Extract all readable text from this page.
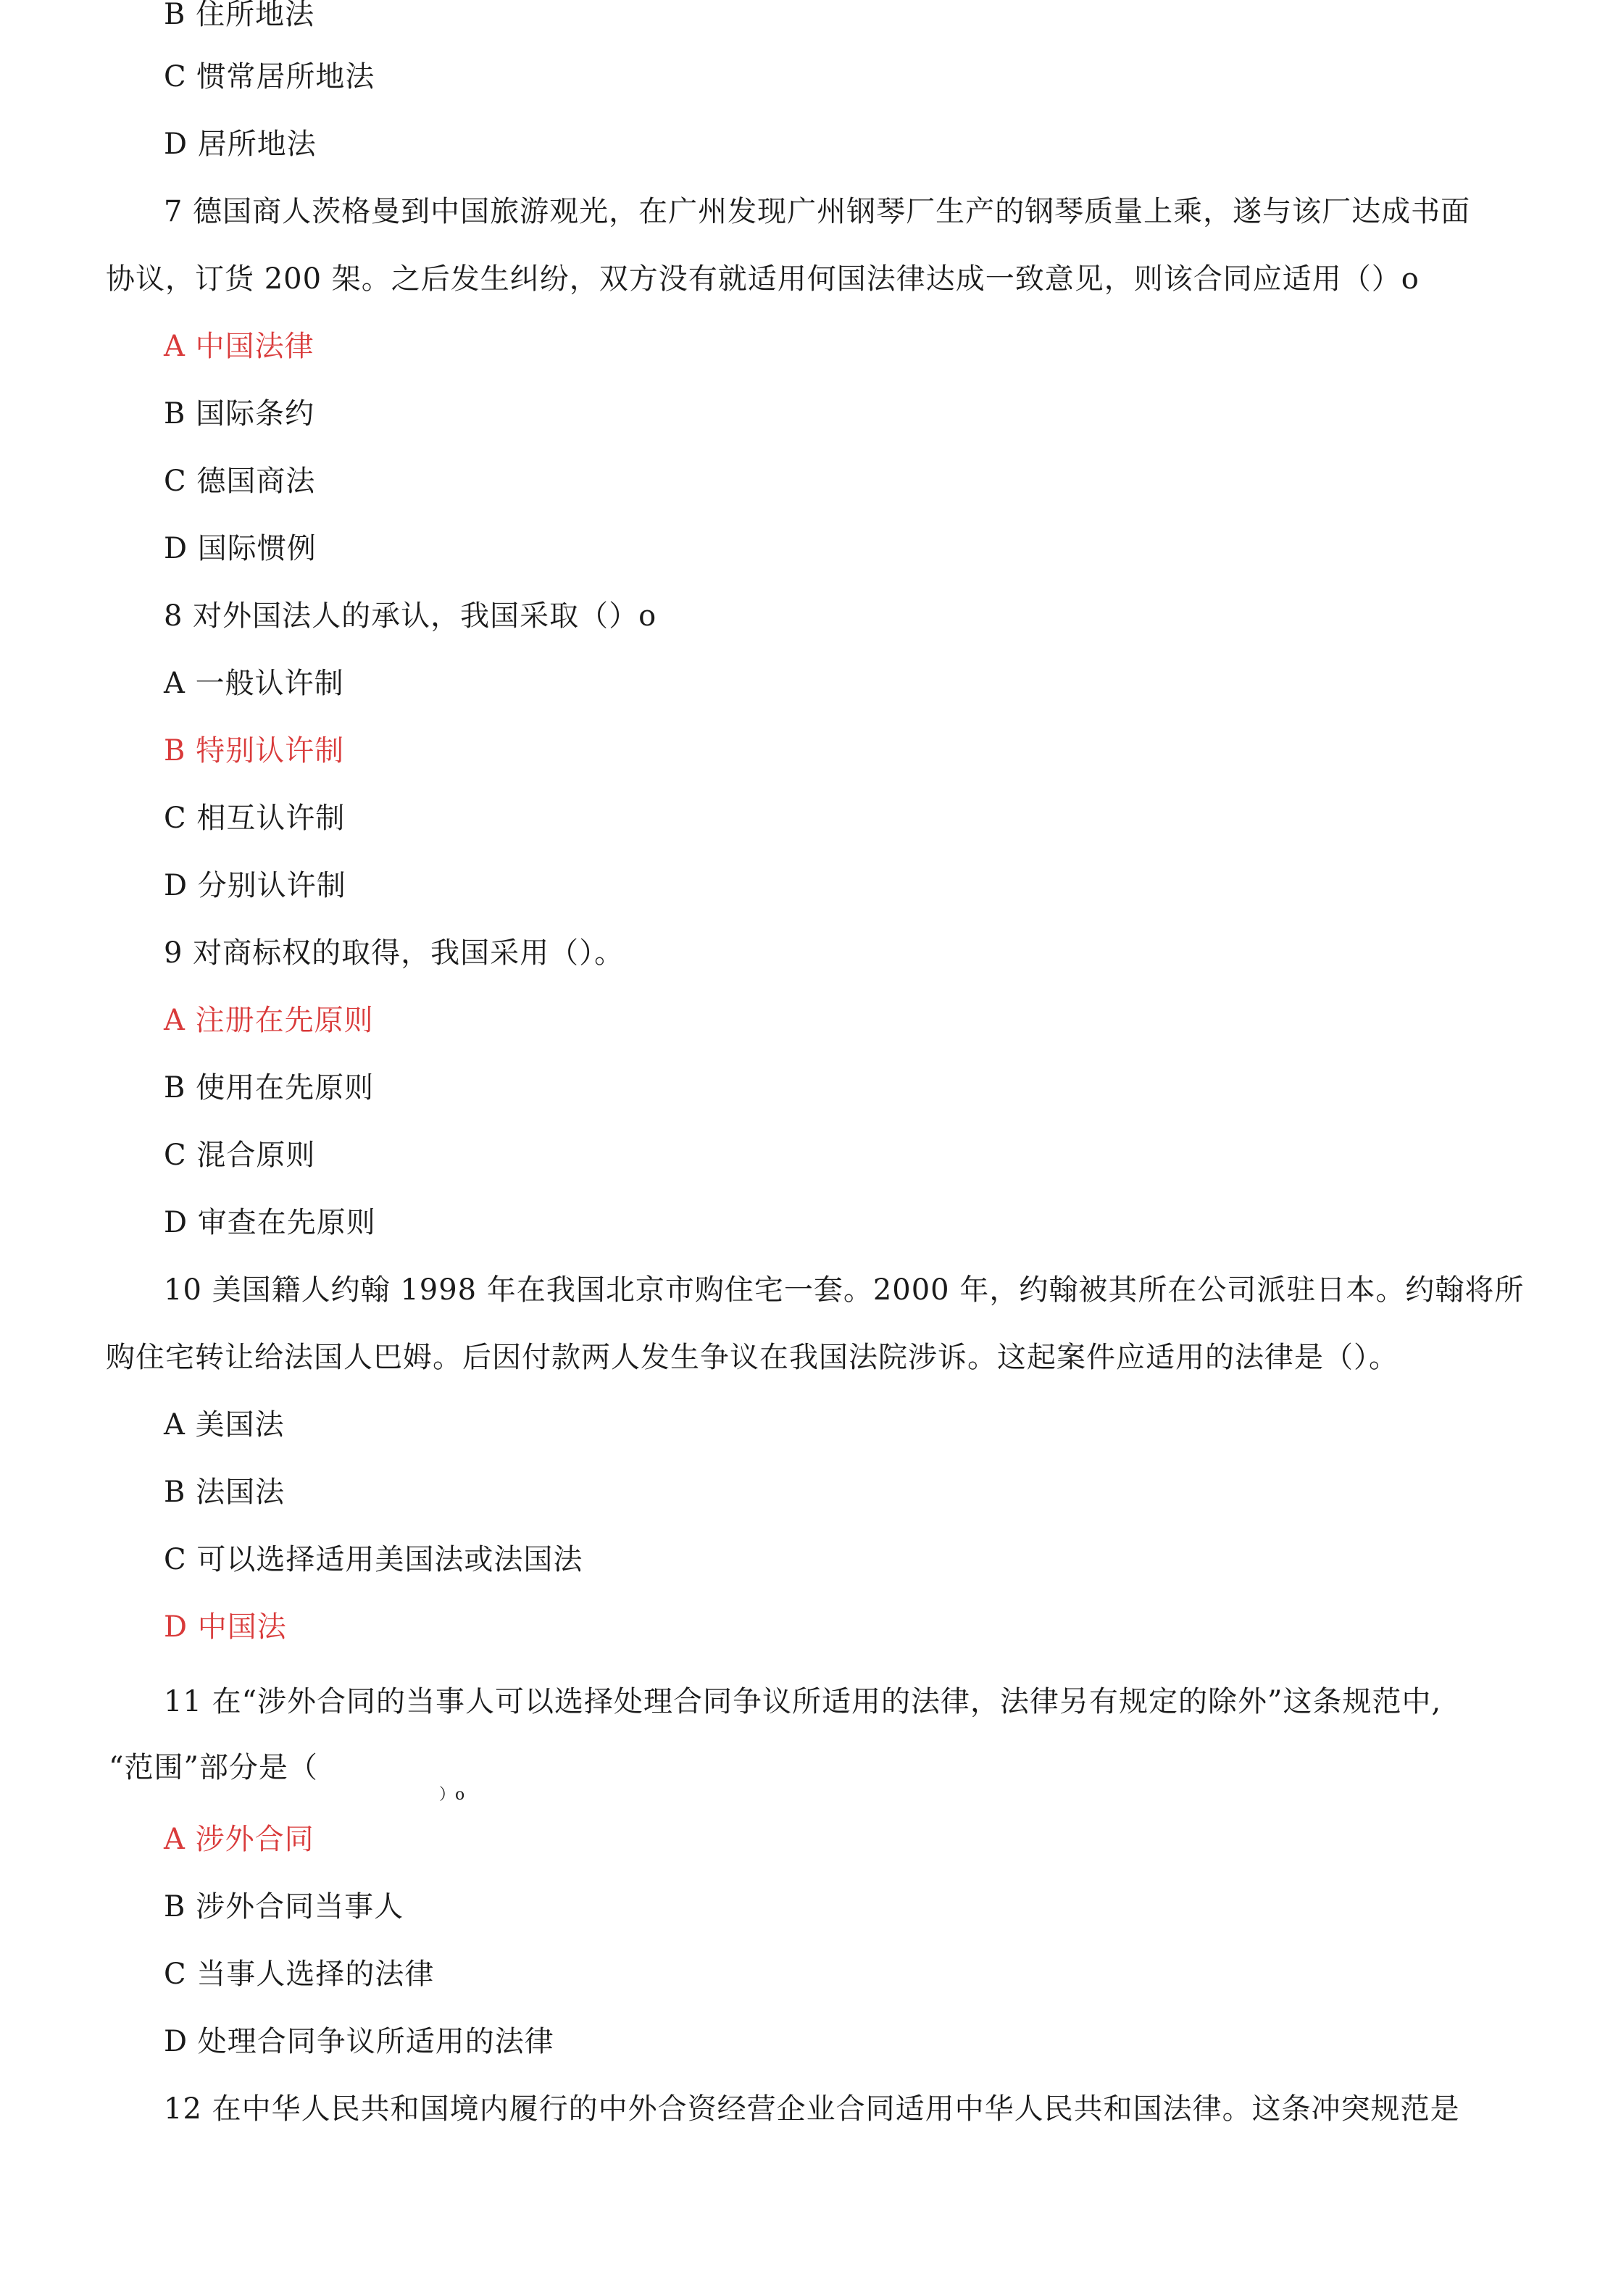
B 住所地法
C 惯常居所地法
D 居所地法
7 德国商人茨格曼到中国旅游观光，在广州发现广州钢琴厂生产的钢琴质量上乘，遂与该厂达成书面
协议，订货 200 架。之后发生纠纷，双方没有就适用何国法律达成一致意见，则该合同应适用（）o
A 中国法律
B 国际条约
C 德国商法
D 国际惯例
8 对外国法人的承认，我国采取（）o
A 一般认许制
B 特别认许制
C 相互认许制
D 分别认许制
9 对商标权的取得，我国采用（）。
A 注册在先原则
B 使用在先原则
C 混合原则
D 审查在先原则
10 美国籍人约翰 1998 年在我国北京市购住宅一套。2000 年，约翰被其所在公司派驻日本。约翰将所
购住宅转让给法国人巴姆。后因付款两人发生争议在我国法院涉诉。这起案件应适用的法律是（）。
A 美国法
B 法国法
C 可以选择适用美国法或法国法
D 中国法
11 在“涉外合同的当事人可以选择处理合同争议所适用的法律，法律另有规定的除外”这条规范中,
“范围”部分是（
）o
A 涉外合同
B 涉外合同当事人
C 当事人选择的法律
D 处理合同争议所适用的法律
12 在中华人民共和国境内履行的中外合资经营企业合同适用中华人民共和国法律。这条冲突规范是
